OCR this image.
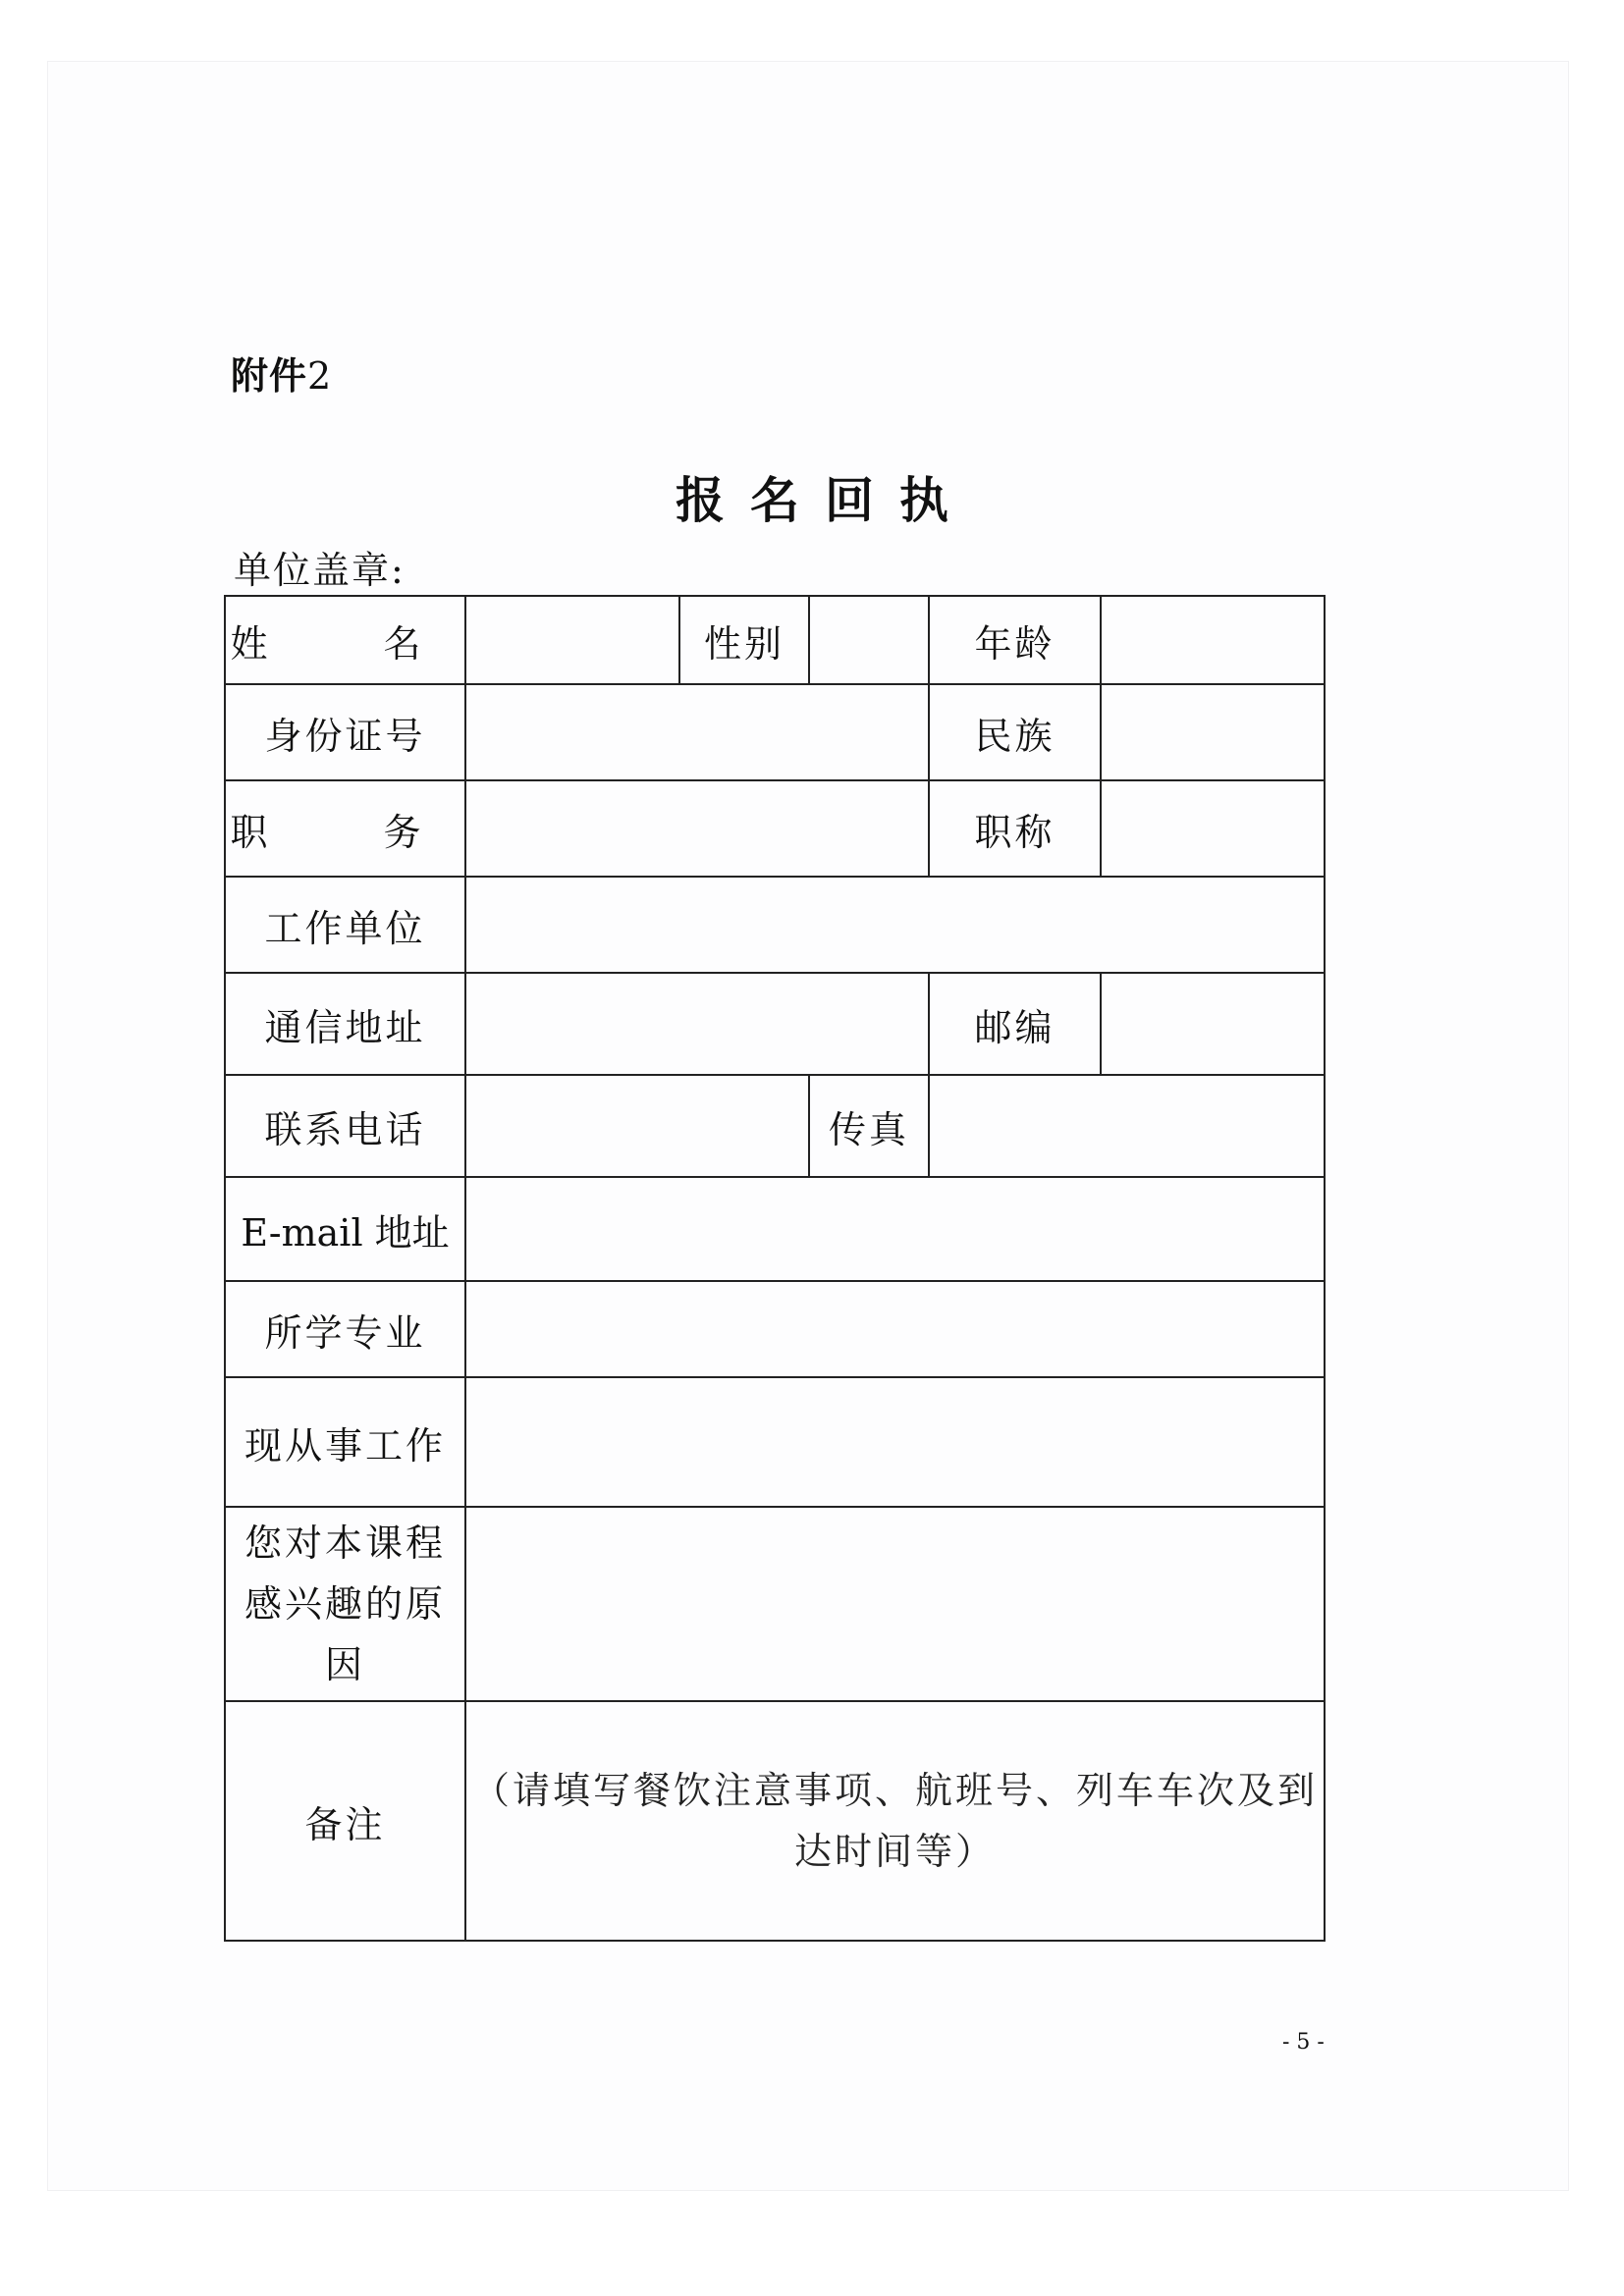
附件2
报名回执
单位盖章:
姓　名		性别		年龄	
身份证号				民族	
职　务				职称	
工作单位					
通信地址				邮编	
联系电话			传真		
E-mail 地址					
所学专业					
现从事工作					
您对本课程感兴趣的原因					
备注	（请填写餐饮注意事项、航班号、列车车次及到达时间等）				
- 5 -
